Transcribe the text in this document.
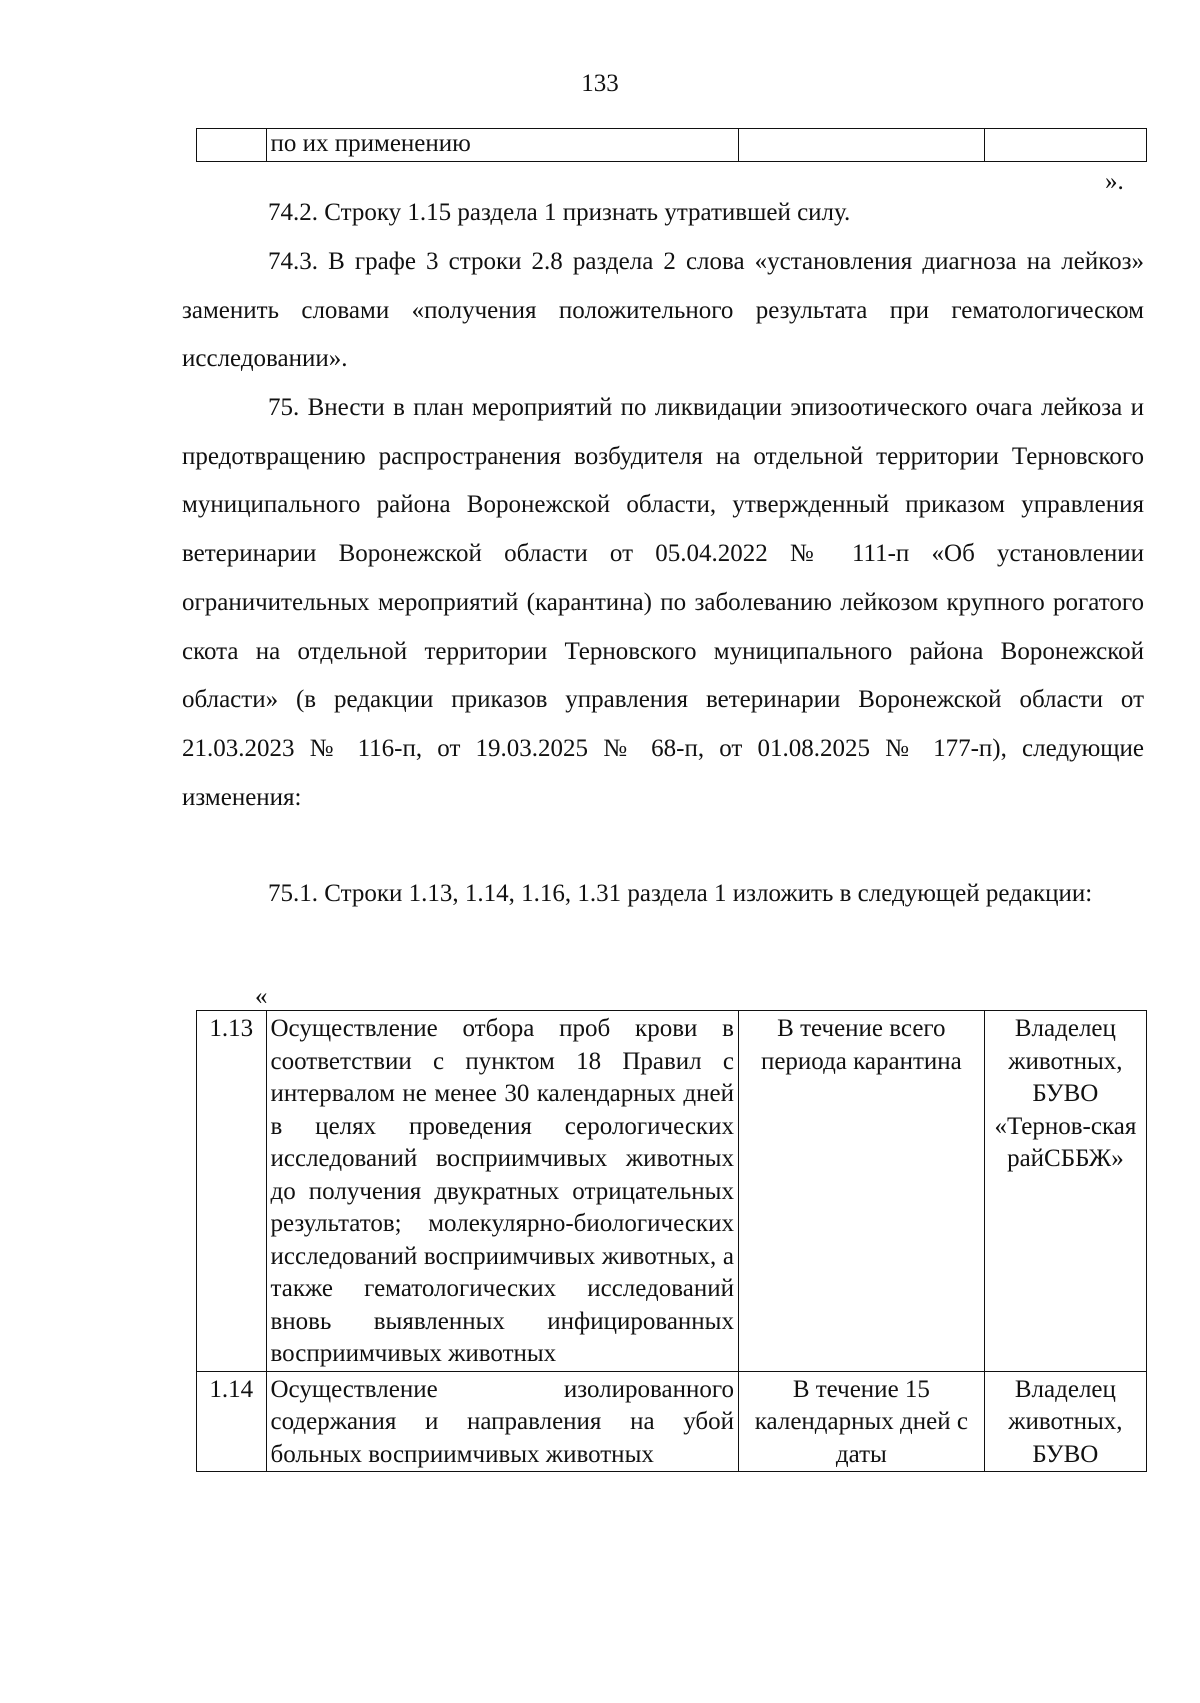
133
	по их применению		
».

74.2. Строку 1.15 раздела 1 признать утратившей силу.

74.3. В графе 3 строки 2.8 раздела 2 слова «установления диагноза на лейкоз» заменить словами «получения положительного результата при гематологическом исследовании».

75. Внести в план мероприятий по ликвидации эпизоотического очага лейкоза и предотвращению распространения возбудителя на отдельной территории Терновского муниципального района Воронежской области, утвержденный приказом управления ветеринарии Воронежской области от 05.04.2022 № 111-п «Об установлении ограничительных мероприятий (карантина) по заболеванию лейкозом крупного рогатого скота на отдельной территории Терновского муниципального района Воронежской области» (в редакции приказов управления ветеринарии Воронежской области от 21.03.2023 № 116-п, от 19.03.2025 № 68-п, от 01.08.2025 № 177-п), следующие изменения:

75.1. Строки 1.13, 1.14, 1.16, 1.31 раздела 1 изложить в следующей редакции:

«
1.13	Осуществление отбора проб крови в соответствии с пунктом 18 Правил с интервалом не менее 30 календарных дней в целях проведения серологических исследований восприимчивых животных до получения двукратных отрицательных результатов; молекулярно-биологических исследований восприимчивых животных, а также гематологических исследований вновь выявленных инфицированных восприимчивых животных	В течение всего периода карантина	Владелец животных, БУВО «Тернов-ская райСББЖ»
1.14	Осуществление изолированного содержания и направления на убой больных восприимчивых животных	В течение 15 календарных дней с даты	Владелец животных, БУВО
